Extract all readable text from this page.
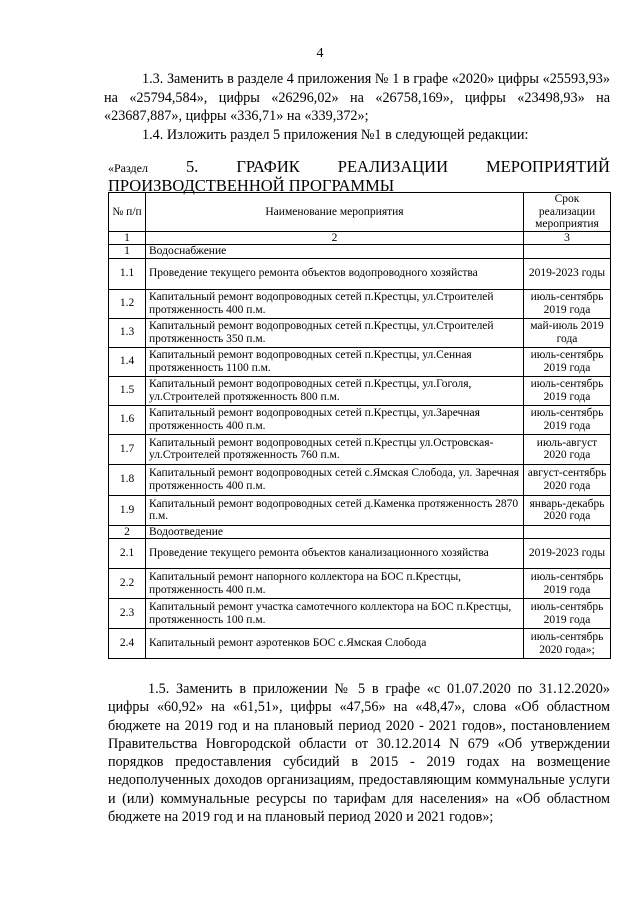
4

1.3. Заменить в разделе 4 приложения № 1 в графе «2020» цифры «25593,93» на «25794,584», цифры «26296,02» на «26758,169», цифры «23498,93» на «23687,887», цифры «336,71» на «339,372»;

1.4. Изложить раздел 5 приложения №1 в следующей редакции:

«Раздел 5. ГРАФИК РЕАЛИЗАЦИИ МЕРОПРИЯТИЙ
ПРОИЗВОДСТВЕННОЙ ПРОГРАММЫ
№ п/п	Наименование мероприятия	Срок реализации мероприятия
1	2	3
1	Водоснабжение	
1.1	Проведение текущего ремонта объектов водопроводного хозяйства	2019-2023 годы
1.2	Капитальный ремонт водопроводных сетей п.Крестцы, ул.Строителей протяженность 400 п.м.	июль-сентябрь 2019 года
1.3	Капитальный ремонт водопроводных сетей п.Крестцы, ул.Строителей протяженность 350 п.м.	май-июль 2019 года
1.4	Капитальный ремонт водопроводных сетей п.Крестцы, ул.Сенная протяженность 1100 п.м.	июль-сентябрь 2019 года
1.5	Капитальный ремонт водопроводных сетей п.Крестцы, ул.Гоголя, ул.Строителей протяженность 800 п.м.	июль-сентябрь 2019 года
1.6	Капитальный ремонт водопроводных сетей п.Крестцы, ул.Заречная протяженность 400 п.м.	июль-сентябрь 2019 года
1.7	Капитальный ремонт водопроводных сетей п.Крестцы ул.Островская-ул.Строителей протяженность 760 п.м.	июль-август 2020 года
1.8	Капитальный ремонт водопроводных сетей с.Ямская Слобода, ул. Заречная протяженность 400 п.м.	август-сентябрь 2020 года
1.9	Капитальный ремонт водопроводных сетей д.Каменка протяженность 2870 п.м.	январь-декабрь 2020 года
2	Водоотведение	
2.1	Проведение текущего ремонта объектов канализационного хозяйства	2019-2023 годы
2.2	Капитальный ремонт напорного коллектора на БОС п.Крестцы, протяженность 400 п.м.	июль-сентябрь 2019 года
2.3	Капитальный ремонт участка самотечного коллектора на БОС п.Крестцы, протяженность 100 п.м.	июль-сентябрь 2019 года
2.4	Капитальный ремонт аэротенков БОС с.Ямская Слобода	июль-сентябрь 2020 года»;

1.5. Заменить в приложении № 5 в графе «с 01.07.2020 по 31.12.2020» цифры «60,92» на «61,51», цифры «47,56» на «48,47», слова «Об областном бюджете на 2019 год и на плановый период 2020 - 2021 годов», постановлением Правительства Новгородской области от 30.12.2014 N 679 «Об утверждении порядков предоставления субсидий в 2015 - 2019 годах на возмещение недополученных доходов организациям, предоставляющим коммунальные услуги и (или) коммунальные ресурсы по тарифам для населения» на «Об областном бюджете на 2019 год и на плановый период 2020 и 2021 годов»;
